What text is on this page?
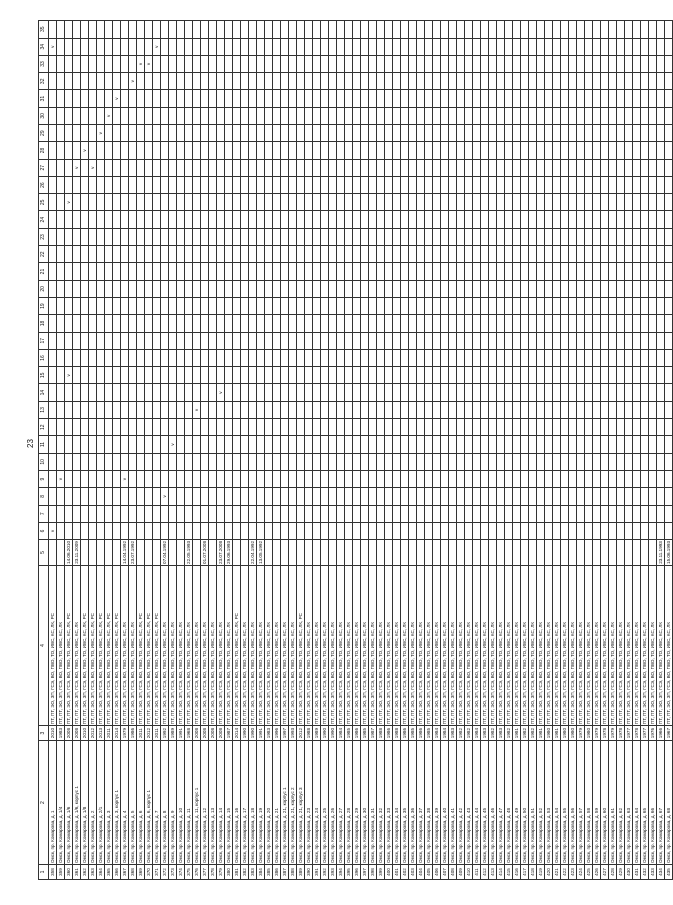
23
1	2	3	4	5	6	7	8	9	10	11	12	13	14	15	16	17	18	19	20	21	22	23	24	25	26	27	28	29	30	31	32	33	34	35
358	Омск, пр. Комарова, д. 1	2010	ПТ, ПТ, ЭО, ЗП, ГСЭ, ВО, ПВО, ТО, ИВС, КС, ЛК, РС		v																												v	
359	Омск, пр. Комарова, д. 1/4	1983	ПТ, ПТ, ЭО, ЗП, ГСЭ, ВО, ПВО, ТО, ИВС, КС, ЛК					v																										
360	Омск, пр. Комарова, д. 1/6	2008	ПТ, ПТ, ЭО, ЗП, ГСЭ, ВО, ПВО, ТО, ИВС, КС, ЛК, РС	14.06.2010										v										v										
361	Омск, пр. Комарова, д. 1/6, корпус 1	2008	ПТ, ПТ, ЭО, ЗП, ГСЭ, ВО, ПВО, ТО, ИВС, КС, ЛК	23.11.2009																						v								
362	Омск, пр. Комарова, д. 1/8	2010	ПТ, ПТ, ЭО, ЗП, ГСЭ, ВО, ПВО, ТО, ИВС, КС, ЛК, РС																								v							
363	Омск, пр. Комарова, д. 2	2012	ПТ, ПТ, ЭО, ЗП, ГСЭ, ВО, ПВО, ТО, ИВС, КС, ЛК, РС																							v								
364	Омск, пр. Комарова, д. 2/1	2013	ПТ, ПТ, ЭО, ЗП, ГСЭ, ВО, ПВО, ТО, ИВС, КС, ЛК, РС																									v						
365	Омск, пр. Комарова, д. 3	2011	ПТ, ПТ, ЭО, ЗП, ГСЭ, ВО, ПВО, ТО, ИВС, КС, ЛК, РС																										v					
366	Омск, пр. Комарова, д. 3, корпус 1	2014	ПТ, ПТ, ЭО, ЗП, ГСЭ, ВО, ПВО, ТО, ИВС, КС, ЛК, РС																											v				
367	Омск, пр. Комарова, д. 4	1979	ПТ, ПТ, ЭО, ЗП, ГСЭ, ВО, ПВО, ТО, ИВС, КС, ЛК	14.04.1992				v																										
368	Омск, пр. Комарова, д. 5	1986	ПТ, ПТ, ЭО, ЗП, ГСЭ, ВО, ПВО, ТО, ИВС, КС, ЛК	23.07.1992																											v			
369	Омск, пр. Комарова, д. 6	2011	ПТ, ПТ, ЭО, ЗП, ГСЭ, ВО, ПВО, ТО, ИВС, КС, ЛК, РС																													v		
370	Омск, пр. Комарова, д. 6, корпус 1	2012	ПТ, ПТ, ЭО, ЗП, ГСЭ, ВО, ПВО, ТО, ИВС, КС, ЛК, РС																													v		
371	Омск, пр. Комарова, д. 7	2011	ПТ, ПТ, ЭО, ЗП, ГСЭ, ВО, ПВО, ТО, ИВС, КС, ЛК, РС																														v	
372	Омск, пр. Комарова, д. 8	1992	ПТ, ПТ, ЭО, ЗП, ГСЭ, ВО, ПВО, ТО, ИВС, КС, ЛК	07.04.1992			v																											
373	Омск, пр. Комарова, д. 9	1989	ПТ, ПТ, ЭО, ЗП, ГСЭ, ВО, ПВО, ТО, ИВС, КС, ЛК							v																								
374	Омск, пр. Комарова, д. 10	1991	ПТ, ПТ, ЭО, ЗП, ГСЭ, ВО, ПВО, ТО, ИВС, КС, ЛК																															
375	Омск, пр. Комарова, д. 11	1968	ПТ, ПТ, ЭО, ЗП, ГСЭ, ВО, ПВО, ТО, ИВС, КС, ЛК	22.05.1993																														
376	Омск, пр. Комарова, д. 11, корпус 1	2008	ПТ, ПТ, ЭО, ЗП, ГСЭ, ВО, ПВО, ТО, ИВС, КС, ЛК									v																						
377	Омск, пр. Комарова, д. 12	2008	ПТ, ПТ, ЭО, ЗП, ГСЭ, ВО, ПВО, ТО, ИВС, КС, ЛК	01.07.2008																														
378	Омск, пр. Комарова, д. 13	2008	ПТ, ПТ, ЭО, ЗП, ГСЭ, ВО, ПВО, ТО, ИВС, КС, ЛК																															
379	Омск, пр. Комарова, д. 14	2008	ПТ, ПТ, ЭО, ЗП, ГСЭ, ВО, ПВО, ТО, ИВС, КС, ЛК	23.07.2008									v																					
380	Омск, пр. Комарова, д. 15	1987	ПТ, ПТ, ЭО, ЗП, ГСЭ, ВО, ПВО, ТО, ИВС, КС, ЛК	29.06.1993																														
381	Омск, пр. Комарова, д. 16	2014	ПТ, ПТ, ЭО, ЗП, ГСЭ, ВО, ПВО, ТО, ИВС, КС, ЛК, РС																															
382	Омск, пр. Комарова, д. 17	1990	ПТ, ПТ, ЭО, ЗП, ГСЭ, ВО, ПВО, ТО, ИВС, КС, ЛК																															
383	Омск, пр. Комарова, д. 18	1990	ПТ, ПТ, ЭО, ЗП, ГСЭ, ВО, ПВО, ТО, ИВС, КС, ЛК	22.04.1992																														
384	Омск, пр. Комарова, д. 19	1991	ПТ, ПТ, ЭО, ЗП, ГСЭ, ВО, ПВО, ТО, ИВС, КС, ЛК	13.05.1992																														
385	Омск, пр. Комарова, д. 20	1983	ПТ, ПТ, ЭО, ЗП, ГСЭ, ВО, ПВО, ТО, ИВС, КС, ЛК																															
386	Омск, пр. Комарова, д. 21	1996	ПТ, ПТ, ЭО, ЗП, ГСЭ, ВО, ПВО, ТО, ИВС, КС, ЛК																															
387	Омск, пр. Комарова, д. 21, корпус 1	1997	ПТ, ПТ, ЭО, ЗП, ГСЭ, ВО, ПВО, ТО, ИВС, КС, ЛК																															
388	Омск, пр. Комарова, д. 21, корпус 2	1993	ПТ, ПТ, ЭО, ЗП, ГСЭ, ВО, ПВО, ТО, ИВС, КС, ЛК																															
389	Омск, пр. Комарова, д. 21, корпус 3	2012	ПТ, ПТ, ЭО, ЗП, ГСЭ, ВО, ПВО, ТО, ИВС, КС, ЛК, РС																															
390	Омск, пр. Комарова, д. 23	1988	ПТ, ПТ, ЭО, ЗП, ГСЭ, ВО, ПВО, ТО, ИВС, КС, ЛК																															
391	Омск, пр. Комарова, д. 24	1989	ПТ, ПТ, ЭО, ЗП, ГСЭ, ВО, ПВО, ТО, ИВС, КС, ЛК																															
392	Омск, пр. Комарова, д. 25	1990	ПТ, ПТ, ЭО, ЗП, ГСЭ, ВО, ПВО, ТО, ИВС, КС, ЛК																															
393	Омск, пр. Комарова, д. 26	1990	ПТ, ПТ, ЭО, ЗП, ГСЭ, ВО, ПВО, ТО, ИВС, КС, ЛК																															
394	Омск, пр. Комарова, д. 27	1984	ПТ, ПТ, ЭО, ЗП, ГСЭ, ВО, ПВО, ТО, ИВС, КС, ЛК																															
395	Омск, пр. Комарова, д. 28	1985	ПТ, ПТ, ЭО, ЗП, ГСЭ, ВО, ПВО, ТО, ИВС, КС, ЛК																															
396	Омск, пр. Комарова, д. 29	1986	ПТ, ПТ, ЭО, ЗП, ГСЭ, ВО, ПВО, ТО, ИВС, КС, ЛК																															
397	Омск, пр. Комарова, д. 30	1985	ПТ, ПТ, ЭО, ЗП, ГСЭ, ВО, ПВО, ТО, ИВС, КС, ЛК																															
398	Омск, пр. Комарова, д. 31	1987	ПТ, ПТ, ЭО, ЗП, ГСЭ, ВО, ПВО, ТО, ИВС, КС, ЛК																															
399	Омск, пр. Комарова, д. 32	1988	ПТ, ПТ, ЭО, ЗП, ГСЭ, ВО, ПВО, ТО, ИВС, КС, ЛК																															
400	Омск, пр. Комарова, д. 33	1986	ПТ, ПТ, ЭО, ЗП, ГСЭ, ВО, ПВО, ТО, ИВС, КС, ЛК																															
401	Омск, пр. Комарова, д. 34	1988	ПТ, ПТ, ЭО, ЗП, ГСЭ, ВО, ПВО, ТО, ИВС, КС, ЛК																															
402	Омск, пр. Комарова, д. 35	1986	ПТ, ПТ, ЭО, ЗП, ГСЭ, ВО, ПВО, ТО, ИВС, КС, ЛК																															
403	Омск, пр. Комарова, д. 36	1985	ПТ, ПТ, ЭО, ЗП, ГСЭ, ВО, ПВО, ТО, ИВС, КС, ЛК																															
404	Омск, пр. Комарова, д. 37	1986	ПТ, ПТ, ЭО, ЗП, ГСЭ, ВО, ПВО, ТО, ИВС, КС, ЛК																															
405	Омск, пр. Комарова, д. 38	1985	ПТ, ПТ, ЭО, ЗП, ГСЭ, ВО, ПВО, ТО, ИВС, КС, ЛК																															
406	Омск, пр. Комарова, д. 39	1984	ПТ, ПТ, ЭО, ЗП, ГСЭ, ВО, ПВО, ТО, ИВС, КС, ЛК																															
407	Омск, пр. Комарова, д. 40	1984	ПТ, ПТ, ЭО, ЗП, ГСЭ, ВО, ПВО, ТО, ИВС, КС, ЛК																															
408	Омск, пр. Комарова, д. 41	1983	ПТ, ПТ, ЭО, ЗП, ГСЭ, ВО, ПВО, ТО, ИВС, КС, ЛК																															
409	Омск, пр. Комарова, д. 42	1982	ПТ, ПТ, ЭО, ЗП, ГСЭ, ВО, ПВО, ТО, ИВС, КС, ЛК																															
410	Омск, пр. Комарова, д. 43	1982	ПТ, ПТ, ЭО, ЗП, ГСЭ, ВО, ПВО, ТО, ИВС, КС, ЛК																															
411	Омск, пр. Комарова, д. 44	1984	ПТ, ПТ, ЭО, ЗП, ГСЭ, ВО, ПВО, ТО, ИВС, КС, ЛК																															
412	Омск, пр. Комарова, д. 45	1983	ПТ, ПТ, ЭО, ЗП, ГСЭ, ВО, ПВО, ТО, ИВС, КС, ЛК																															
413	Омск, пр. Комарова, д. 46	1982	ПТ, ПТ, ЭО, ЗП, ГСЭ, ВО, ПВО, ТО, ИВС, КС, ЛК																															
414	Омск, пр. Комарова, д. 47	1983	ПТ, ПТ, ЭО, ЗП, ГСЭ, ВО, ПВО, ТО, ИВС, КС, ЛК																															
415	Омск, пр. Комарова, д. 48	1982	ПТ, ПТ, ЭО, ЗП, ГСЭ, ВО, ПВО, ТО, ИВС, КС, ЛК																															
416	Омск, пр. Комарова, д. 49	1981	ПТ, ПТ, ЭО, ЗП, ГСЭ, ВО, ПВО, ТО, ИВС, КС, ЛК																															
417	Омск, пр. Комарова, д. 50	1982	ПТ, ПТ, ЭО, ЗП, ГСЭ, ВО, ПВО, ТО, ИВС, КС, ЛК																															
418	Омск, пр. Комарова, д. 51	1982	ПТ, ПТ, ЭО, ЗП, ГСЭ, ВО, ПВО, ТО, ИВС, КС, ЛК																															
419	Омск, пр. Комарова, д. 52	1981	ПТ, ПТ, ЭО, ЗП, ГСЭ, ВО, ПВО, ТО, ИВС, КС, ЛК																															
420	Омск, пр. Комарова, д. 53	1980	ПТ, ПТ, ЭО, ЗП, ГСЭ, ВО, ПВО, ТО, ИВС, КС, ЛК																															
421	Омск, пр. Комарова, д. 54	1981	ПТ, ПТ, ЭО, ЗП, ГСЭ, ВО, ПВО, ТО, ИВС, КС, ЛК																															
422	Омск, пр. Комарова, д. 55	1980	ПТ, ПТ, ЭО, ЗП, ГСЭ, ВО, ПВО, ТО, ИВС, КС, ЛК																															
423	Омск, пр. Комарова, д. 56	1980	ПТ, ПТ, ЭО, ЗП, ГСЭ, ВО, ПВО, ТО, ИВС, КС, ЛК																															
424	Омск, пр. Комарова, д. 57	1979	ПТ, ПТ, ЭО, ЗП, ГСЭ, ВО, ПВО, ТО, ИВС, КС, ЛК																															
425	Омск, пр. Комарова, д. 58	1980	ПТ, ПТ, ЭО, ЗП, ГСЭ, ВО, ПВО, ТО, ИВС, КС, ЛК																															
426	Омск, пр. Комарова, д. 59	1979	ПТ, ПТ, ЭО, ЗП, ГСЭ, ВО, ПВО, ТО, ИВС, КС, ЛК																															
427	Омск, пр. Комарова, д. 60	1978	ПТ, ПТ, ЭО, ЗП, ГСЭ, ВО, ПВО, ТО, ИВС, КС, ЛК																															
428	Омск, пр. Комарова, д. 61	1979	ПТ, ПТ, ЭО, ЗП, ГСЭ, ВО, ПВО, ТО, ИВС, КС, ЛК																															
429	Омск, пр. Комарова, д. 62	1978	ПТ, ПТ, ЭО, ЗП, ГСЭ, ВО, ПВО, ТО, ИВС, КС, ЛК																															
430	Омск, пр. Комарова, д. 63	1977	ПТ, ПТ, ЭО, ЗП, ГСЭ, ВО, ПВО, ТО, ИВС, КС, ЛК																															
431	Омск, пр. Комарова, д. 64	1978	ПТ, ПТ, ЭО, ЗП, ГСЭ, ВО, ПВО, ТО, ИВС, КС, ЛК																															
432	Омск, пр. Комарова, д. 65	1977	ПТ, ПТ, ЭО, ЗП, ГСЭ, ВО, ПВО, ТО, ИВС, КС, ЛК																															
433	Омск, пр. Комарова, д. 66	1976	ПТ, ПТ, ЭО, ЗП, ГСЭ, ВО, ПВО, ТО, ИВС, КС, ЛК																															
434	Омск, пр. Комарова, д. 67	1966	ПТ, ПТ, ЭО, ЗП, ГСЭ, ВО, ПВО, ТО, ИВС, КС, ЛК	23.11.1993																														
435	Омск, пр. Комарова, д. 68	1967	ПТ, ПТ, ЭО, ЗП, ГСЭ, ВО, ПВО, ТО, ИВС, КС, ЛК	15.06.1993																														
